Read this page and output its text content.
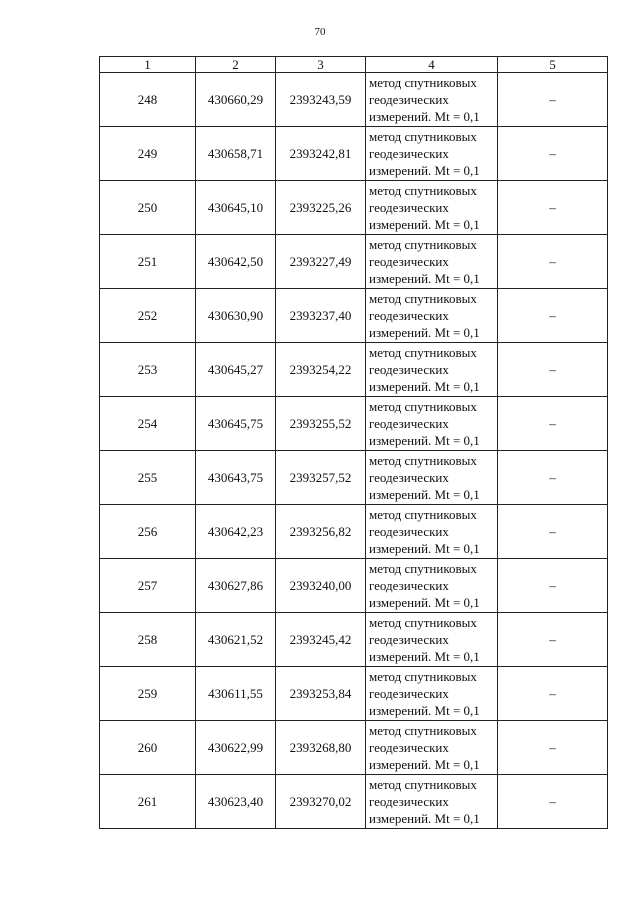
70
1	2	3	4	5
248	430660,29	2393243,59	метод спутниковых
геодезических
измерений. Mt = 0,1	–
249	430658,71	2393242,81	метод спутниковых
геодезических
измерений. Mt = 0,1	–
250	430645,10	2393225,26	метод спутниковых
геодезических
измерений. Mt = 0,1	–
251	430642,50	2393227,49	метод спутниковых
геодезических
измерений. Mt = 0,1	–
252	430630,90	2393237,40	метод спутниковых
геодезических
измерений. Mt = 0,1	–
253	430645,27	2393254,22	метод спутниковых
геодезических
измерений. Mt = 0,1	–
254	430645,75	2393255,52	метод спутниковых
геодезических
измерений. Mt = 0,1	–
255	430643,75	2393257,52	метод спутниковых
геодезических
измерений. Mt = 0,1	–
256	430642,23	2393256,82	метод спутниковых
геодезических
измерений. Mt = 0,1	–
257	430627,86	2393240,00	метод спутниковых
геодезических
измерений. Mt = 0,1	–
258	430621,52	2393245,42	метод спутниковых
геодезических
измерений. Mt = 0,1	–
259	430611,55	2393253,84	метод спутниковых
геодезических
измерений. Mt = 0,1	–
260	430622,99	2393268,80	метод спутниковых
геодезических
измерений. Mt = 0,1	–
261	430623,40	2393270,02	метод спутниковых
геодезических
измерений. Mt = 0,1	–
